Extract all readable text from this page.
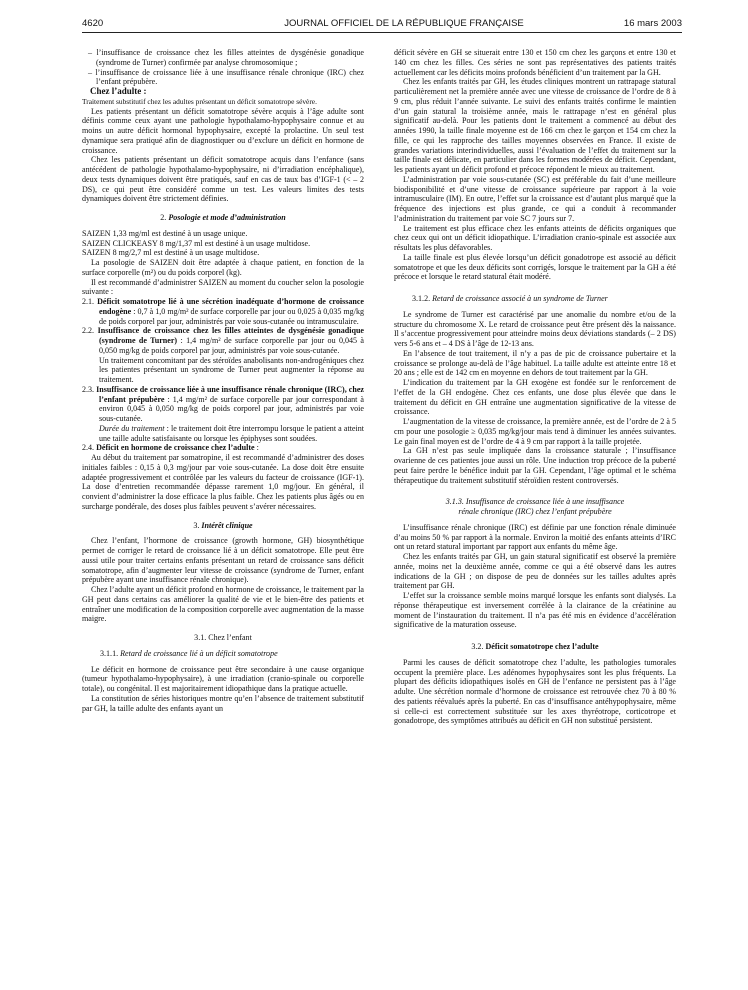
4620	JOURNAL OFFICIEL DE LA RÉPUBLIQUE FRANÇAISE	16 mars 2003

– l’insuffisance de croissance chez les filles atteintes de dysgénésie gonadique (syndrome de Turner) confirmée par analyse chromosomique ;

– l’insuffisance de croissance liée à une insuffisance rénale chronique (IRC) chez l’enfant prépubère.

Chez l’adulte :

Traitement substitutif chez les adultes présentant un déficit somatotrope sévère.

Les patients présentant un déficit somatotrope sévère acquis à l’âge adulte sont définis comme ceux ayant une pathologie hypothalamo-hypophysaire connue et au moins un autre déficit hormonal hypophysaire, excepté la prolactine. Un seul test dynamique sera pratiqué afin de diagnostiquer ou d’exclure un déficit en hormone de croissance.

Chez les patients présentant un déficit somatotrope acquis dans l’enfance (sans antécédent de pathologie hypothalamo-hypophysaire, ni d’irradiation encéphalique), deux tests dynamiques doivent être pratiqués, sauf en cas de taux bas d’IGF-1 (< – 2 DS), ce qui peut être considéré comme un test. Les valeurs limites des tests dynamiques doivent être strictement définies.

2. Posologie et mode d’administration

SAIZEN 1,33 mg/ml est destiné à un usage unique.

SAIZEN CLICKEASY 8 mg/1,37 ml est destiné à un usage multidose.

SAIZEN 8 mg/2,7 ml est destiné à un usage multidose.

La posologie de SAIZEN doit être adaptée à chaque patient, en fonction de la surface corporelle (m²) ou du poids corporel (kg).

Il est recommandé d’administrer SAIZEN au moment du coucher selon la posologie suivante :

2.1. Déficit somatotrope lié à une sécrétion inadéquate d’hormone de croissance endogène : 0,7 à 1,0 mg/m² de surface corporelle par jour ou 0,025 à 0,035 mg/kg de poids corporel par jour, administrés par voie sous-cutanée ou intramusculaire.

2.2. Insuffisance de croissance chez les filles atteintes de dysgénésie gonadique (syndrome de Turner) : 1,4 mg/m² de surface corporelle par jour ou 0,045 à 0,050 mg/kg de poids corporel par jour, administrés par voie sous-cutanée.

Un traitement concomitant par des stéroïdes anabolisants non-androgéniques chez les patientes présentant un syndrome de Turner peut augmenter la réponse au traitement.

2.3. Insuffisance de croissance liée à une insuffisance rénale chronique (IRC), chez l’enfant prépubère : 1,4 mg/m² de surface corporelle par jour correspondant à environ 0,045 à 0,050 mg/kg de poids corporel par jour, administrés par voie sous-cutanée.

Durée du traitement : le traitement doit être interrompu lorsque le patient a atteint une taille adulte satisfaisante ou lorsque les épiphyses sont soudées.

2.4. Déficit en hormone de croissance chez l’adulte :

Au début du traitement par somatropine, il est recommandé d’administrer des doses initiales faibles : 0,15 à 0,3 mg/jour par voie sous-cutanée. La dose doit être ensuite adaptée progressivement et contrôlée par les valeurs du facteur de croissance (IGF-1). La dose d’entretien recommandée dépasse rarement 1,0 mg/jour. En général, il convient d’administrer la dose efficace la plus faible. Chez les patients plus âgés ou en surcharge pondérale, des doses plus faibles peuvent s’avérer nécessaires.

3. Intérêt clinique

Chez l’enfant, l’hormone de croissance (growth hormone, GH) biosynthétique permet de corriger le retard de croissance lié à un déficit somatotrope. Elle peut être aussi utile pour traiter certains enfants présentant un retard de croissance sans déficit somatotrope, afin d’augmenter leur vitesse de croissance (syndrome de Turner, enfant prépubère ayant une insuffisance rénale chronique).

Chez l’adulte ayant un déficit profond en hormone de croissance, le traitement par la GH peut dans certains cas améliorer la qualité de vie et le bien-être des patients et entraîner une modification de la composition corporelle avec augmentation de la masse maigre.

3.1. Chez l’enfant

3.1.1. Retard de croissance lié à un déficit somatotrope

Le déficit en hormone de croissance peut être secondaire à une cause organique (tumeur hypothalamo-hypophysaire), à une irradiation (cranio-spinale ou corporelle totale), ou congénital. Il est majoritairement idiopathique dans la pratique actuelle.

La constitution de séries historiques montre qu’en l’absence de traitement substitutif par GH, la taille adulte des enfants ayant un

déficit sévère en GH se situerait entre 130 et 150 cm chez les garçons et entre 130 et 140 cm chez les filles. Ces séries ne sont pas représentatives des patients traités actuellement car les déficits moins profonds bénéficient d’un traitement par la GH.

Chez les enfants traités par GH, les études cliniques montrent un rattrapage statural particulièrement net la première année avec une vitesse de croissance de l’ordre de 8 à 9 cm, plus réduit l’année suivante. Le suivi des enfants traités confirme le maintien d’un gain statural la troisième année, mais le rattrapage n’est en général plus significatif au-delà. Pour les patients dont le traitement a commencé au début des années 1990, la taille finale moyenne est de 166 cm chez le garçon et 154 cm chez la fille, ce qui les rapproche des tailles moyennes observées en France. Il existe de grandes variations interindividuelles, aussi l’évaluation de l’effet du traitement sur la taille finale est délicate, en particulier dans les formes modérées de déficit. Cependant, les patients ayant un déficit profond et précoce répondent le mieux au traitement.

L’administration par voie sous-cutanée (SC) est préférable du fait d’une meilleure biodisponibilité et d’une vitesse de croissance supérieure par rapport à la voie intramusculaire (IM). En outre, l’effet sur la croissance est d’autant plus marqué que la fréquence des injections est plus grande, ce qui a conduit à recommander l’administration du traitement par voie SC 7 jours sur 7.

Le traitement est plus efficace chez les enfants atteints de déficits organiques que chez ceux qui ont un déficit idiopathique. L’irradiation cranio-spinale est associée aux résultats les plus défavorables.

La taille finale est plus élevée lorsqu’un déficit gonadotrope est associé au déficit somatotrope et que les deux déficits sont corrigés, lorsque le traitement par la GH a été précoce et lorsque le retard statural était modéré.

3.1.2. Retard de croissance associé à un syndrome de Turner

Le syndrome de Turner est caractérisé par une anomalie du nombre et/ou de la structure du chromosome X. Le retard de croissance peut être présent dès la naissance. Il s’accentue progressivement pour atteindre moins deux déviations standards (– 2 DS) vers 5-6 ans et – 4 DS à l’âge de 12-13 ans.

En l’absence de tout traitement, il n’y a pas de pic de croissance pubertaire et la croissance se prolonge au-delà de l’âge habituel. La taille adulte est atteinte entre 18 et 20 ans ; elle est de 142 cm en moyenne en dehors de tout traitement par la GH.

L’indication du traitement par la GH exogène est fondée sur le renforcement de l’effet de la GH endogène. Chez ces enfants, une dose plus élevée que dans le traitement du déficit en GH entraîne une augmentation significative de la vitesse de croissance.

L’augmentation de la vitesse de croissance, la première année, est de l’ordre de 2 à 5 cm pour une posologie ≥ 0,035 mg/kg/jour mais tend à diminuer les années suivantes. Le gain final moyen est de l’ordre de 4 à 9 cm par rapport à la taille projetée.

La GH n’est pas seule impliquée dans la croissance staturale ; l’insuffisance ovarienne de ces patientes joue aussi un rôle. Une induction trop précoce de la puberté peut faire perdre le bénéfice induit par la GH. Cependant, l’âge optimal et le schéma thérapeutique du traitement substitutif stéroïdien restent controversés.

3.1.3. Insuffisance de croissance liée à une insuffisance

rénale chronique (IRC) chez l’enfant prépubère

L’insuffisance rénale chronique (IRC) est définie par une fonction rénale diminuée d’au moins 50 % par rapport à la normale. Environ la moitié des enfants atteints d’IRC ont un retard statural important par rapport aux enfants du même âge.

Chez les enfants traités par GH, un gain statural significatif est observé la première année, moins net la deuxième année, comme ce qui a été observé dans les autres indications de la GH ; on dispose de peu de données sur les tailles adultes après traitement par GH.

L’effet sur la croissance semble moins marqué lorsque les enfants sont dialysés. La réponse thérapeutique est inversement corrélée à la clairance de la créatinine au moment de l’instauration du traitement. Il n’a pas été mis en évidence d’accélération significative de la maturation osseuse.

3.2. Déficit somatotrope chez l’adulte

Parmi les causes de déficit somatotrope chez l’adulte, les pathologies tumorales occupent la première place. Les adénomes hypophysaires sont les plus fréquents. La plupart des déficits idiopathiques isolés en GH de l’enfance ne persistent pas à l’âge adulte. Une sécrétion normale d’hormone de croissance est retrouvée chez 70 à 80 % des patients réévalués après la puberté. En cas d’insuffisance antéhypophysaire, même si celle-ci est correctement substituée sur les axes thyréotrope, corticotrope et gonadotrope, des symptômes attribués au déficit en GH non substitué persistent.
